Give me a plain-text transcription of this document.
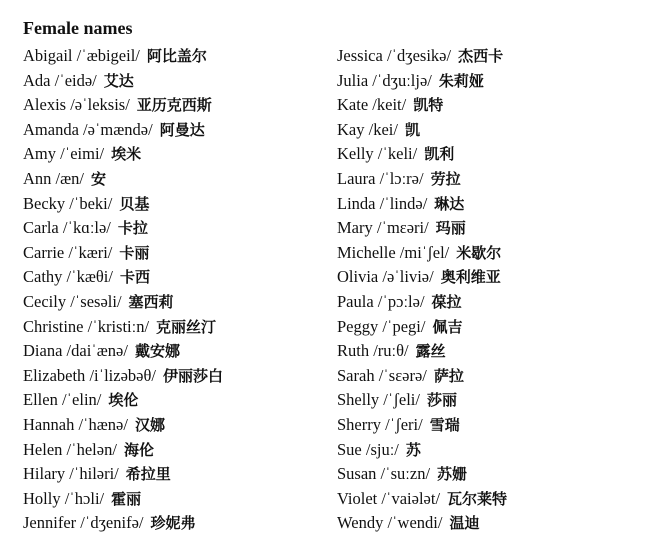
Female names
Abigail /ˈæbigeil/ 阿比盖尔
Ada /ˈeidə/ 艾达
Alexis /əˈleksis/ 亚历克西斯
Amanda /əˈmændə/ 阿曼达
Amy /ˈeimi/ 埃米
Ann /æn/ 安
Becky /ˈbeki/ 贝基
Carla /ˈkɑːlə/ 卡拉
Carrie /ˈkæri/ 卡丽
Cathy /ˈkæθi/ 卡西
Cecily /ˈsesəli/ 塞西莉
Christine /ˈkristiːn/ 克丽丝汀
Diana /daiˈænə/ 戴安娜
Elizabeth /iˈlizəbəθ/ 伊丽莎白
Ellen /ˈelin/ 埃伦
Hannah /ˈhænə/ 汉娜
Helen /ˈhelən/ 海伦
Hilary /ˈhiləri/ 希拉里
Holly /ˈhɔli/ 霍丽
Jennifer /ˈdʒenifə/ 珍妮弗
Jessica /ˈdʒesikə/ 杰西卡
Julia /ˈdʒuːljə/ 朱莉娅
Kate /keit/ 凯特
Kay /kei/ 凯
Kelly /ˈkeli/ 凯利
Laura /ˈlɔːrə/ 劳拉
Linda /ˈlində/ 琳达
Mary /ˈmεəri/ 玛丽
Michelle /miˈʃel/ 米歇尔
Olivia /əˈliviə/ 奥利维亚
Paula /ˈpɔːlə/ 葆拉
Peggy /ˈpegi/ 佩吉
Ruth /ruːθ/ 露丝
Sarah /ˈsεərə/ 萨拉
Shelly /ˈʃeli/ 莎丽
Sherry /ˈʃeri/ 雪瑞
Sue /sjuː/ 苏
Susan /ˈsuːzn/ 苏姗
Violet /ˈvaiələt/ 瓦尔莱特
Wendy /ˈwendi/ 温迪
